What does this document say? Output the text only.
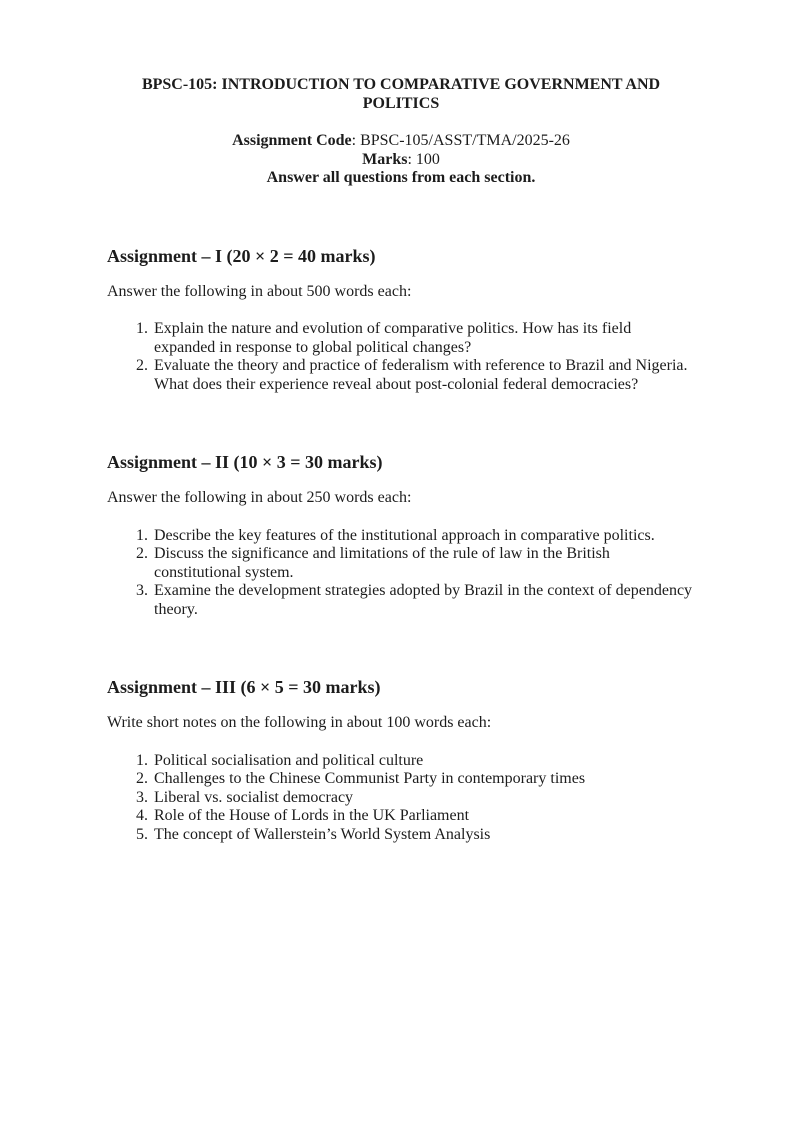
BPSC-105: INTRODUCTION TO COMPARATIVE GOVERNMENT AND POLITICS

Assignment Code: BPSC-105/ASST/TMA/2025-26

Marks: 100

Answer all questions from each section.

Assignment – I (20 × 2 = 40 marks)

Answer the following in about 500 words each:

1. Explain the nature and evolution of comparative politics. How has its field expanded in response to global political changes?
2. Evaluate the theory and practice of federalism with reference to Brazil and Nigeria. What does their experience reveal about post-colonial federal democracies?
Assignment – II (10 × 3 = 30 marks)

Answer the following in about 250 words each:

1. Describe the key features of the institutional approach in comparative politics.
2. Discuss the significance and limitations of the rule of law in the British constitutional system.
3. Examine the development strategies adopted by Brazil in the context of dependency theory.
Assignment – III (6 × 5 = 30 marks)

Write short notes on the following in about 100 words each:

1. Political socialisation and political culture
2. Challenges to the Chinese Communist Party in contemporary times
3. Liberal vs. socialist democracy
4. Role of the House of Lords in the UK Parliament
5. The concept of Wallerstein’s World System Analysis
